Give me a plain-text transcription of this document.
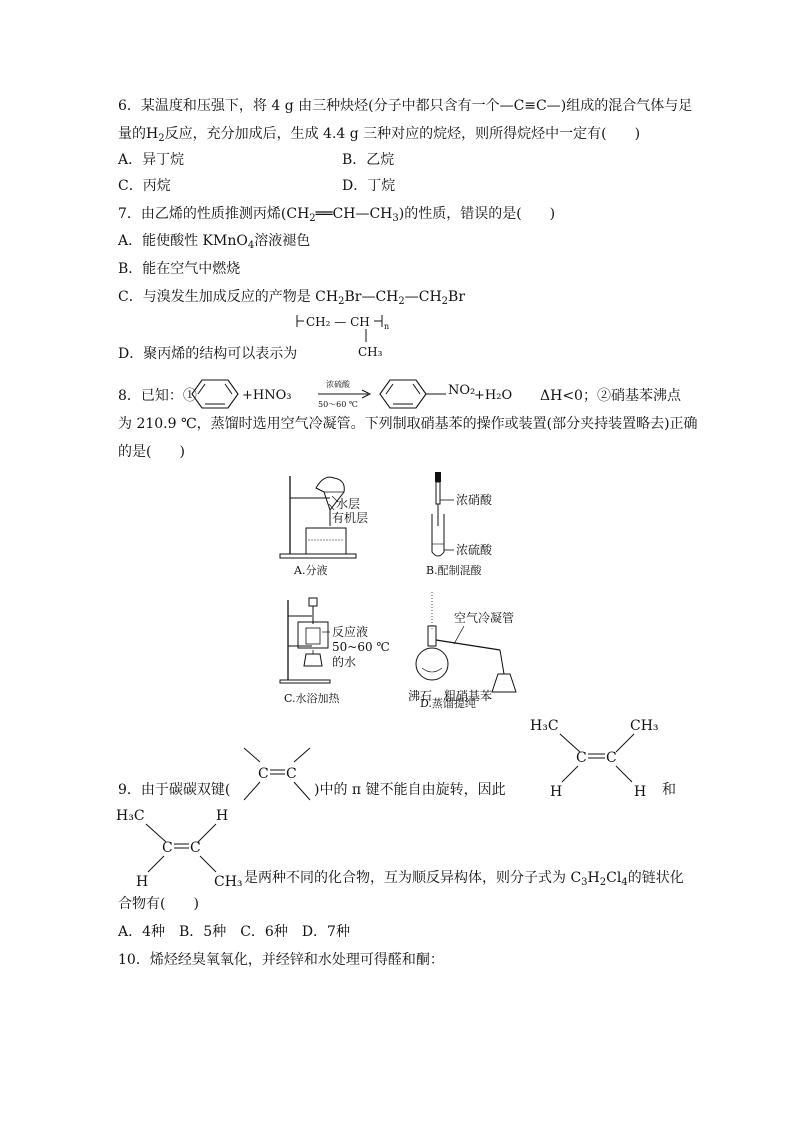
6．某温度和压强下，将 4 g 由三种炔烃(分子中都只含有一个—C≡C—)组成的混合气体与足
量的$H_2$反应，充分加成后，生成 4.4 g 三种对应的烷烃，则所得烷烃中一定有(　　)
A．异丁烷	B．乙烷
C．丙烷	D．丁烷
7．由乙烯的性质推测丙烯$(CH_2══CH—CH_3)$的性质，错误的是(　　)
A．能使酸性 KMnO$_4$溶液褪色
B．能在空气中燃烧
C．与溴发生加成反应的产物是 $CH_2Br—CH_2—CH_2Br$
CH₂ — CH n
CH₃
D．聚丙烯的结构可以表示为
8．已知：①	+HNO₃
浓硫酸
50～60 ℃
NO₂
+H₂O ΔH<0；②硝基苯沸点
为 210.9 ℃，蒸馏时选用空气冷凝管。下列制取硝基苯的操作或装置(部分夹持装置略去)正确
的是(　　)
水层
有机层
A.分液
浓硝酸
浓硫酸
B.配制混酸
反应液
50~60 ℃
的水
C.水浴加热
空气冷凝管
沸石 粗硝基苯
D.蒸馏提纯
C C
9．由于碳碳双键(	)中的 π 键不能自由旋转，因此
H₃C	CH₃
C C
H	H 和
H₃C	H
C C
H	CH₃ 是两种不同的化合物，互为顺反异构体，则分子式为 $C_3H_2Cl_4$的链状化
合物有(　　)
A．4种　B．5种　C．6种　D．7种
10．烯烃经臭氧氧化，并经锌和水处理可得醛和酮：
